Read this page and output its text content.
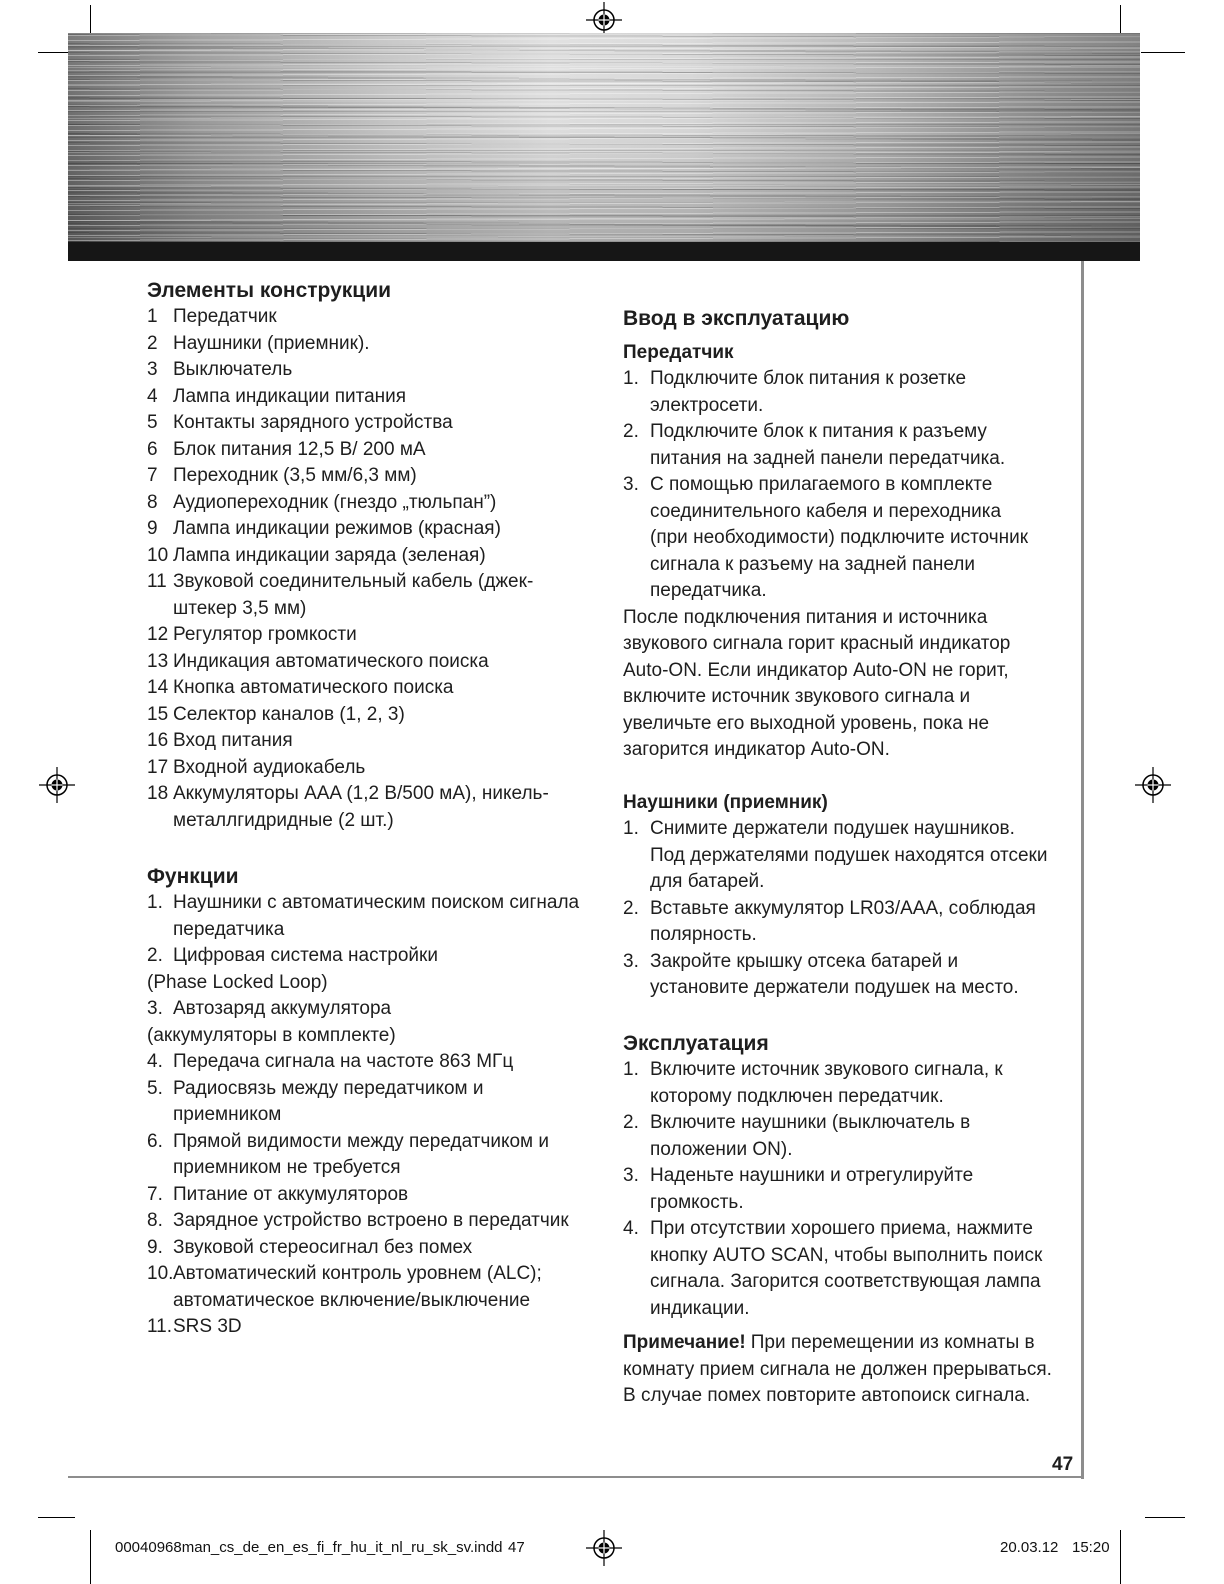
Элементы конструкции
1 Передатчик
2 Наушники (приемник).
3 Выключатель
4 Лампа индикации питания
5 Контакты зарядного устройства
6 Блок питания 12,5 В/ 200 мА
7 Переходник (3,5 мм/6,3 мм)
8 Аудиопереходник (гнездо „тюльпан”)
9 Лампа индикации режимов (красная)
10 Лампа индикации заряда (зеленая)
11 Звуковой соединительный кабель (джек-
штекер 3,5 мм)
12 Регулятор громкости
13 Индикация автоматического поиска
14 Кнопка автоматического поиска
15 Селектор каналов (1, 2, 3)
16 Вход питания
17 Входной аудиокабель
18 Аккумуляторы AAA (1,2 В/500 мА), никель-
металлгидридные (2 шт.)
Функции
1. Наушники с автоматическим поиском сигнала
передатчика
2. Цифровая система настройки
(Phase Locked Loop)
3. Автозаряд аккумулятора
(аккумуляторы в комплекте)
4. Передача сигнала на частоте 863 МГц
5. Радиосвязь между передатчиком и
приемником
6. Прямой видимости между передатчиком и
приемником не требуется
7. Питание от аккумуляторов
8. Зарядное устройство встроено в передатчик
9. Звуковой стереосигнал без помех
10. Автоматический контроль уровнем (ALC);
автоматическое включение/выключение
11. SRS 3D
Ввод в эксплуатацию
Передатчик
1. Подключите блок питания к розетке
электросети.
2. Подключите блок к питания к разъему
питания на задней панели передатчика.
3. С помощью прилагаемого в комплекте
соединительного кабеля и переходника
(при необходимости) подключите источник
сигнала к разъему на задней панели
передатчика.
После подключения питания и источника
звукового сигнала горит красный индикатор
Auto-ON. Если индикатор Auto-ON не горит,
включите источник звукового сигнала и
увеличьте его выходной уровень, пока не
загорится индикатор Auto-ON.
Наушники (приемник)
1. Снимите держатели подушек наушников.
Под держателями подушек находятся отсеки
для батарей.
2. Вставьте аккумулятор LR03/AAA, соблюдая
полярность.
3. Закройте крышку отсека батарей и
установите держатели подушек на место.
Эксплуатация
1. Включите источник звукового сигнала, к
которому подключен передатчик.
2. Включите наушники (выключатель в
положении ON).
3. Наденьте наушники и отрегулируйте
громкость.
4. При отсутствии хорошего приема, нажмите
кнопку AUTO SCAN, чтобы выполнить поиск
сигнала. Загорится соответствующая лампа
индикации.
Примечание! При перемещении из комнаты в
комнату прием сигнала не должен прерываться.
В случае помех повторите автопоиск сигнала.
47
00040968man_cs_de_en_es_fi_fr_hu_it_nl_ru_sk_sv.indd 47	20.03.12 15:20
